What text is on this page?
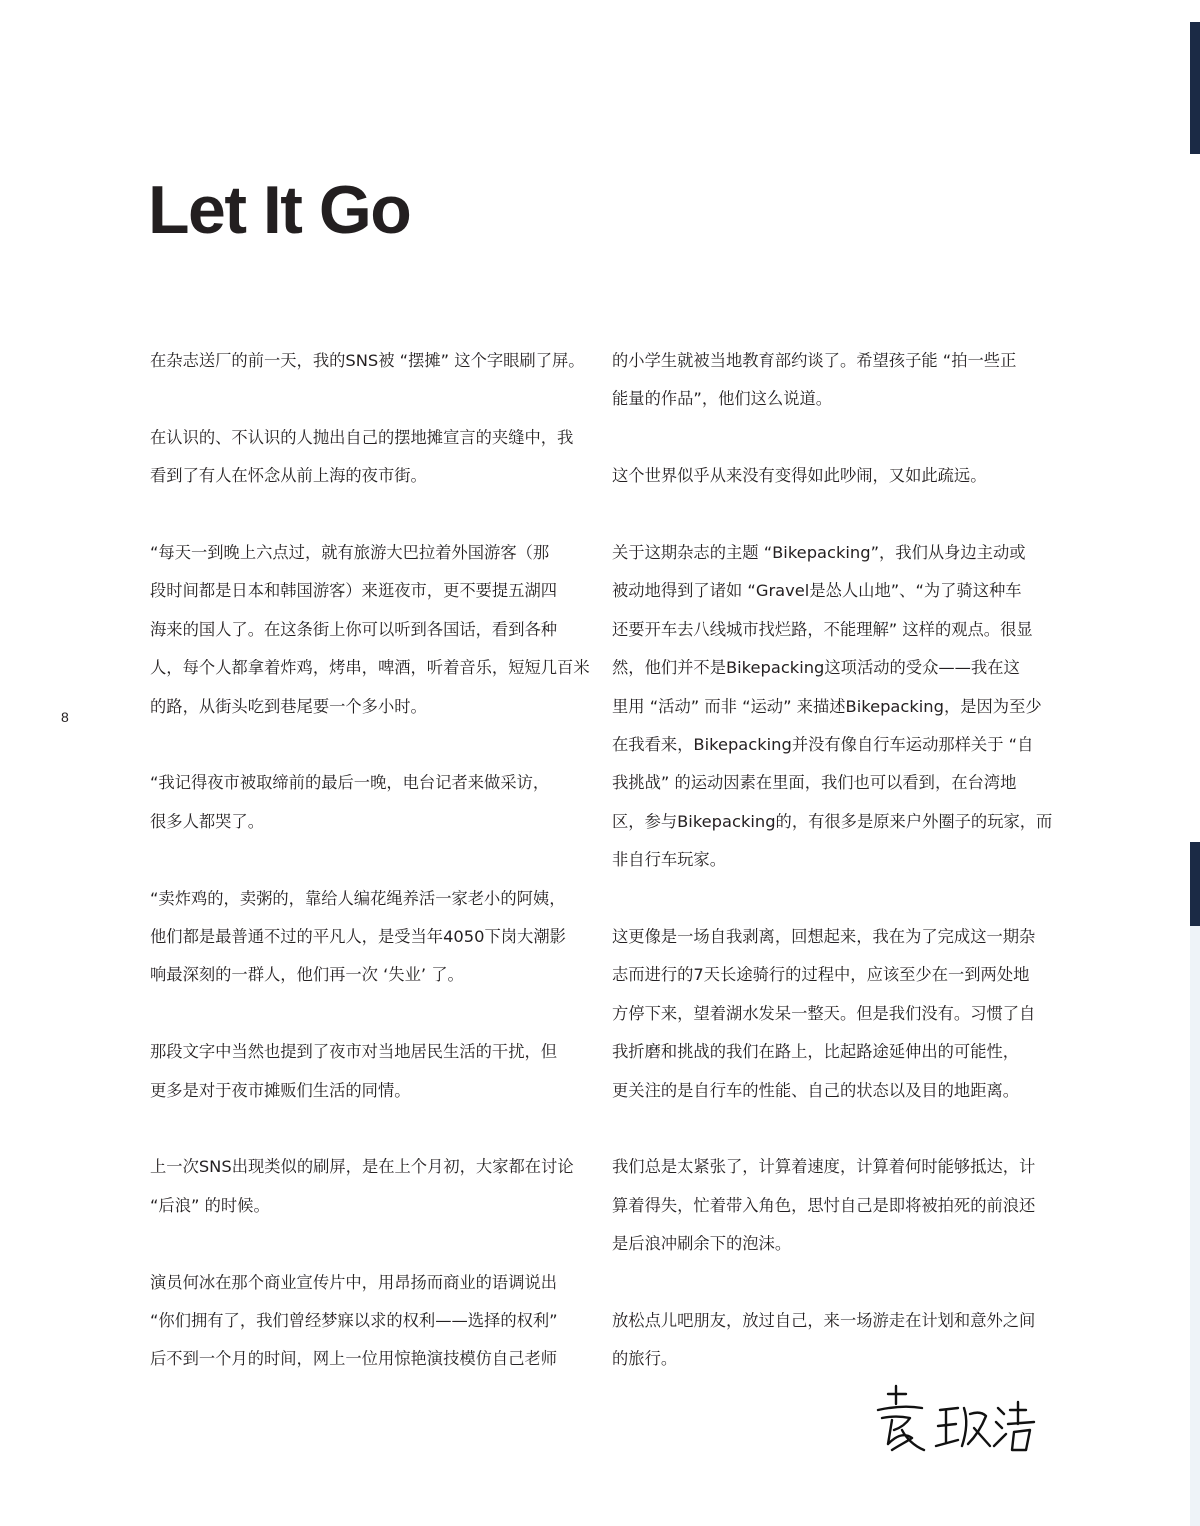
Let It Go
8

在杂志送厂的前一天，我的SNS被 “摆摊” 这个字眼刷了屏。

在认识的、不认识的人抛出自己的摆地摊宣言的夹缝中，我
看到了有人在怀念从前上海的夜市街。

“每天一到晚上六点过，就有旅游大巴拉着外国游客（那
段时间都是日本和韩国游客）来逛夜市，更不要提五湖四
海来的国人了。在这条街上你可以听到各国话，看到各种
人，每个人都拿着炸鸡，烤串，啤酒，听着音乐，短短几百米
的路，从街头吃到巷尾要一个多小时。

“我记得夜市被取缔前的最后一晚，电台记者来做采访，
很多人都哭了。

“卖炸鸡的，卖粥的，靠给人编花绳养活一家老小的阿姨，
他们都是最普通不过的平凡人，是受当年4050下岗大潮影
响最深刻的一群人，他们再一次 ‘失业’ 了。

那段文字中当然也提到了夜市对当地居民生活的干扰，但
更多是对于夜市摊贩们生活的同情。

上一次SNS出现类似的刷屏，是在上个月初，大家都在讨论
“后浪” 的时候。

演员何冰在那个商业宣传片中，用昂扬而商业的语调说出
“你们拥有了，我们曾经梦寐以求的权利——选择的权利”
后不到一个月的时间，网上一位用惊艳演技模仿自己老师

的小学生就被当地教育部约谈了。希望孩子能 “拍一些正
能量的作品”，他们这么说道。

这个世界似乎从来没有变得如此吵闹，又如此疏远。

关于这期杂志的主题 “Bikepacking”，我们从身边主动或
被动地得到了诸如 “Gravel是怂人山地”、“为了骑这种车
还要开车去八线城市找烂路，不能理解” 这样的观点。很显
然，他们并不是Bikepacking这项活动的受众——我在这
里用 “活动” 而非 “运动” 来描述Bikepacking，是因为至少
在我看来，Bikepacking并没有像自行车运动那样关于 “自
我挑战” 的运动因素在里面，我们也可以看到，在台湾地
区，参与Bikepacking的，有很多是原来户外圈子的玩家，而
非自行车玩家。

这更像是一场自我剥离，回想起来，我在为了完成这一期杂
志而进行的7天长途骑行的过程中，应该至少在一到两处地
方停下来，望着湖水发呆一整天。但是我们没有。习惯了自
我折磨和挑战的我们在路上，比起路途延伸出的可能性，
更关注的是自行车的性能、自己的状态以及目的地距离。

我们总是太紧张了，计算着速度，计算着何时能够抵达，计
算着得失，忙着带入角色，思忖自己是即将被拍死的前浪还
是后浪冲刷余下的泡沫。

放松点儿吧朋友，放过自己，来一场游走在计划和意外之间
的旅行。
